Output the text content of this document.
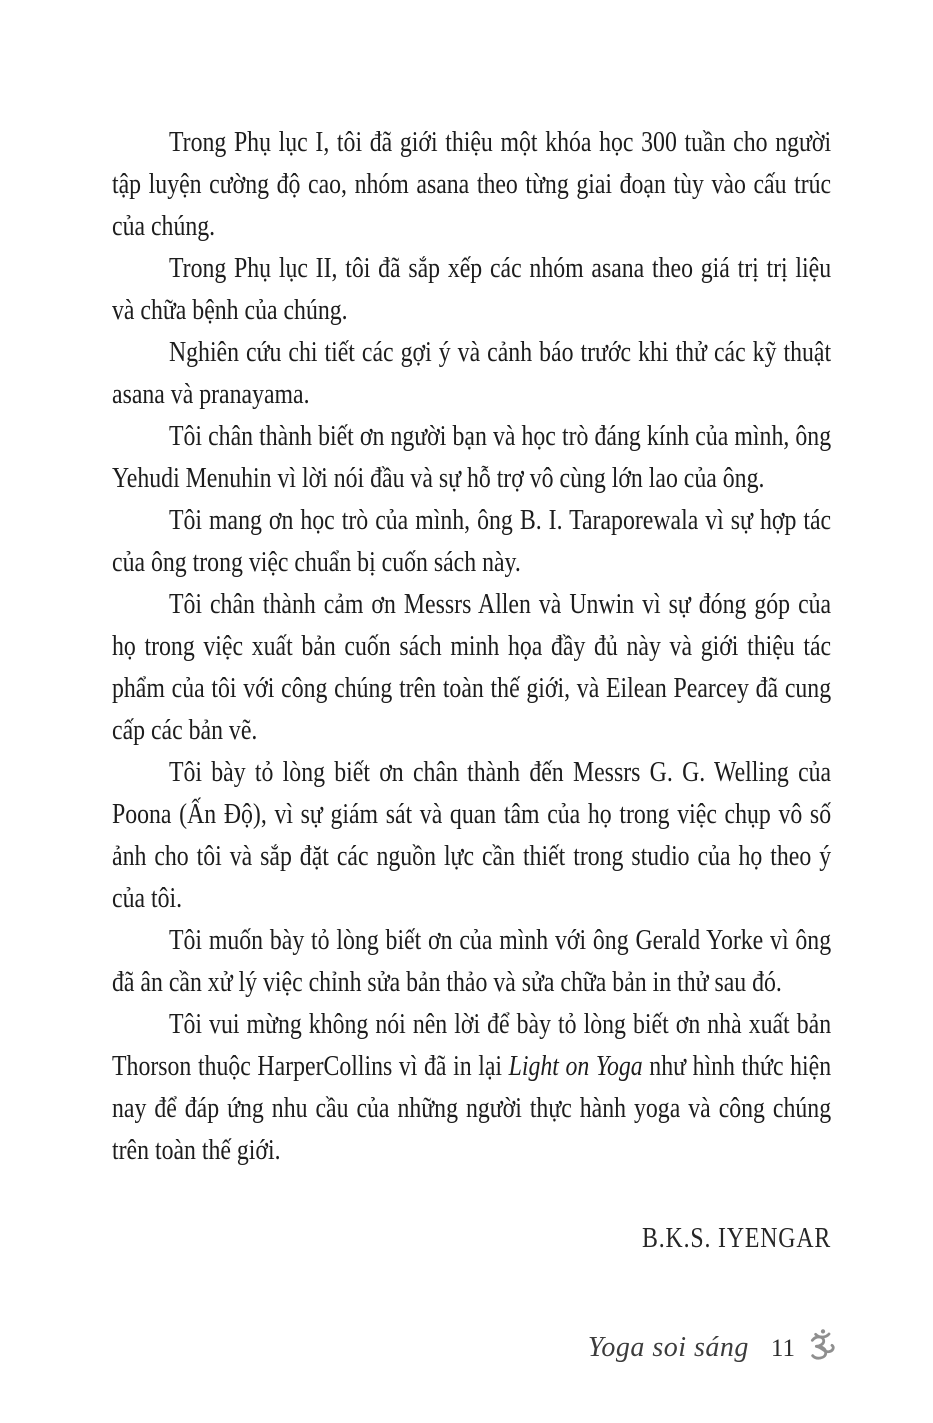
Trong Phụ lục I, tôi đã giới thiệu một khóa học 300 tuần cho người tập luyện cường độ cao, nhóm asana theo từng giai đoạn tùy vào cấu trúc của chúng.

Trong Phụ lục II, tôi đã sắp xếp các nhóm asana theo giá trị trị liệu và chữa bệnh của chúng.

Nghiên cứu chi tiết các gợi ý và cảnh báo trước khi thử các kỹ thuật asana và pranayama.

Tôi chân thành biết ơn người bạn và học trò đáng kính của mình, ông Yehudi Menuhin vì lời nói đầu và sự hỗ trợ vô cùng lớn lao của ông.

Tôi mang ơn học trò của mình, ông B. I. Taraporewala vì sự hợp tác của ông trong việc chuẩn bị cuốn sách này.

Tôi chân thành cảm ơn Messrs Allen và Unwin vì sự đóng góp của họ trong việc xuất bản cuốn sách minh họa đầy đủ này và giới thiệu tác phẩm của tôi với công chúng trên toàn thế giới, và Eilean Pearcey đã cung cấp các bản vẽ.

Tôi bày tỏ lòng biết ơn chân thành đến Messrs G. G. Welling của Poona (Ấn Độ), vì sự giám sát và quan tâm của họ trong việc chụp vô số ảnh cho tôi và sắp đặt các nguồn lực cần thiết trong studio của họ theo ý của tôi.

Tôi muốn bày tỏ lòng biết ơn của mình với ông Gerald Yorke vì ông đã ân cần xử lý việc chỉnh sửa bản thảo và sửa chữa bản in thử sau đó.

Tôi vui mừng không nói nên lời để bày tỏ lòng biết ơn nhà xuất bản Thorson thuộc HarperCollins vì đã in lại Light on Yoga như hình thức hiện nay để đáp ứng nhu cầu của những người thực hành yoga và công chúng trên toàn thế giới.

B.K.S. IYENGAR

Yoga soi sáng 11
